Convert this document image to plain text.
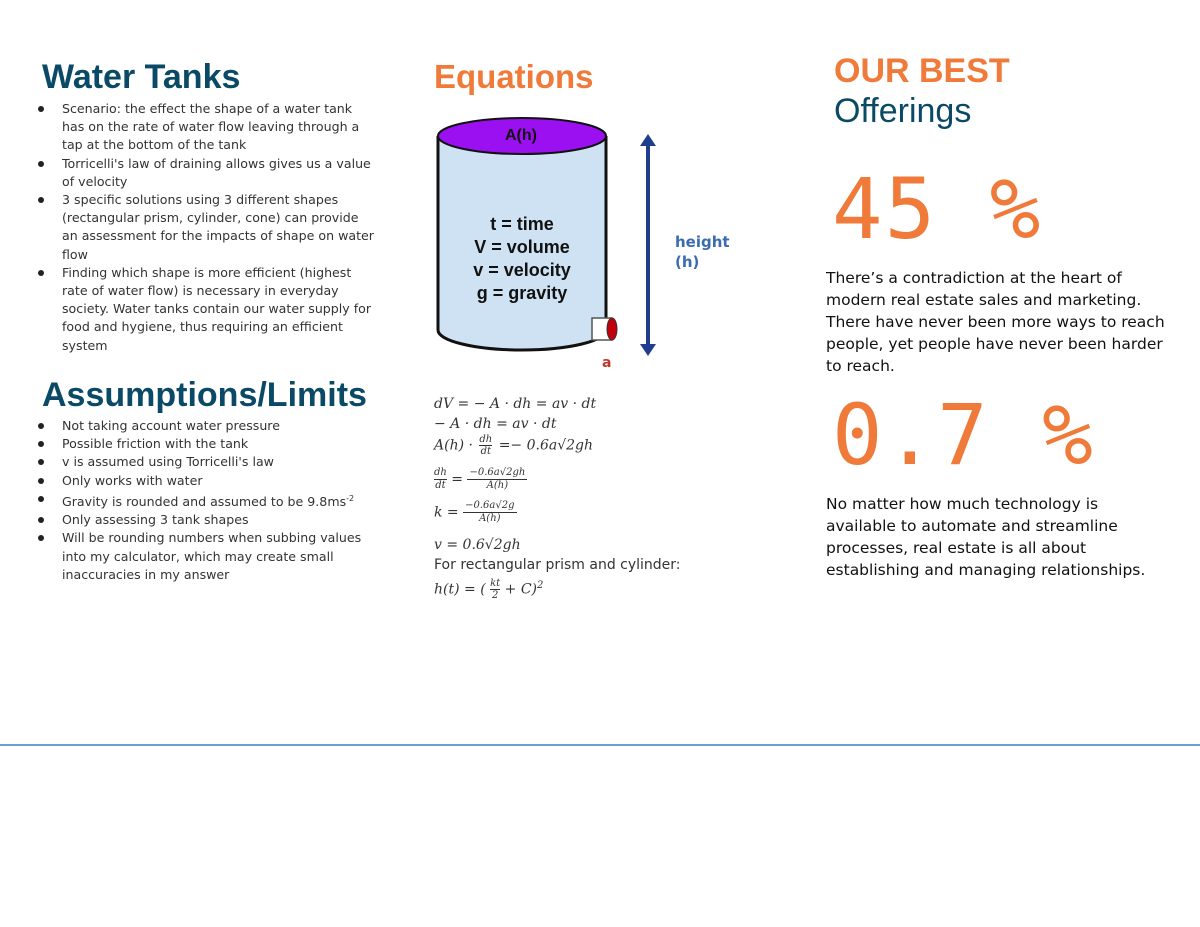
Water Tanks
Scenario: the effect the shape of a water tank has on the rate of water flow leaving through a tap at the bottom of the tank
Torricelli's law of draining allows gives us a value of velocity
3 specific solutions using 3 different shapes (rectangular prism, cylinder, cone) can provide an assessment for the impacts of shape on water flow
Finding which shape is more efficient (highest rate of water flow) is necessary in everyday society. Water tanks contain our water supply for food and hygiene, thus requiring an efficient system
Assumptions/Limits
Not taking account water pressure
Possible friction with the tank
v is assumed using Torricelli's law
Only works with water
Gravity is rounded and assumed to be $9.8ms^{-2}$
Only assessing 3 tank shapes
Will be rounding numbers when subbing values into my calculator, which may create small inaccuracies in my answer
Equations
A(h)
t = time
V = volume
v = velocity
g = gravity
height
(h)
a
dV = − A · dh = av · dt
− A · dh = av · dt
$A(h) \cdot \frac{dh}{dt} =- 0.6a√2gh$
$\frac{dh}{dt} = \frac{-0.6a√2gh}{A(h)}$
$k = \frac{-0.6a√2g}{A(h)}$
v = 0.6√2gh
For rectangular prism and cylinder:
h(t) = ( $\frac{kt}{2} + C)^2$
OUR BEST
Offerings
45 %
There’s a contradiction at the heart of modern real estate sales and marketing. There have never been more ways to reach people, yet people have never been harder to reach.
0.7 %
No matter how much technology is available to automate and streamline processes, real estate is all about establishing and managing relationships.
